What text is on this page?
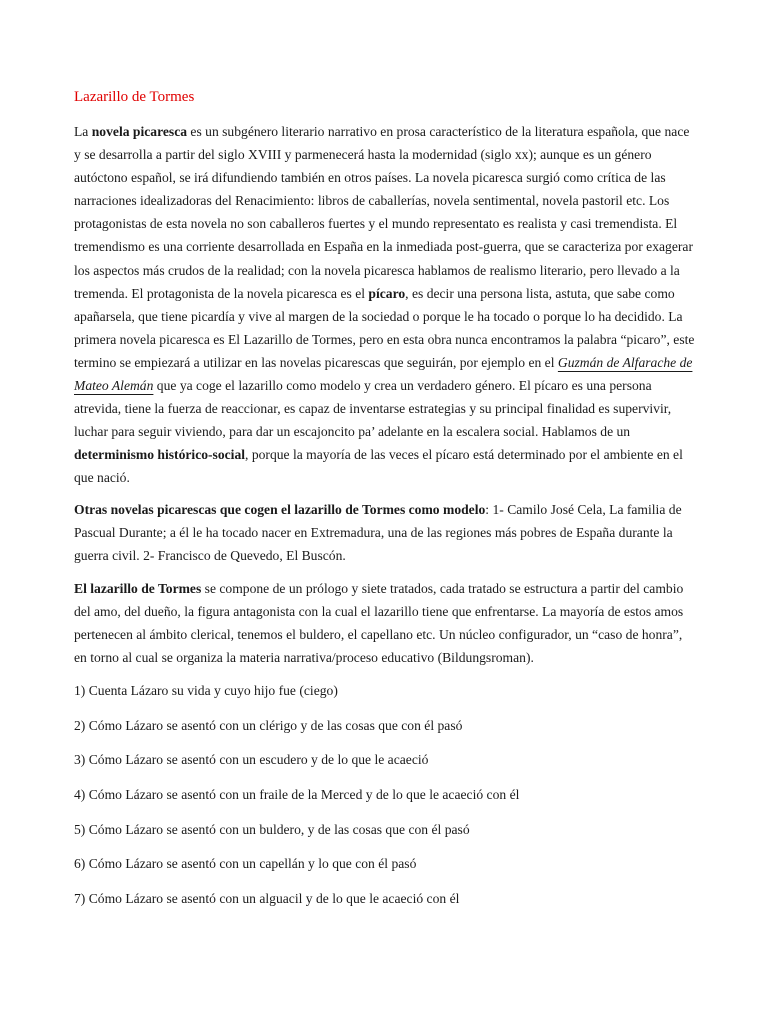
Lazarillo de Tormes

La novela picaresca es un subgénero literario narrativo en prosa característico de la literatura española, que nace y se desarrolla a partir del siglo XVIII y parmenecerá hasta la modernidad (siglo xx); aunque es un género autóctono español, se irá difundiendo también en otros países. La novela picaresca surgió como crítica de las narraciones idealizadoras del Renacimiento: libros de caballerías, novela sentimental, novela pastoril etc. Los protagonistas de esta novela no son caballeros fuertes y el mundo representato es realista y casi tremendista. El tremendismo es una corriente desarrollada en España en la inmediada post-guerra, que se caracteriza por exagerar los aspectos más crudos de la realidad; con la novela picaresca hablamos de realismo literario, pero llevado a la tremenda. El protagonista de la novela picaresca es el pícaro, es decir una persona lista, astuta, que sabe como apañarsela, que tiene picardía y vive al margen de la sociedad o porque le ha tocado o porque lo ha decidido. La primera novela picaresca es El Lazarillo de Tormes, pero en esta obra nunca encontramos la palabra “picaro”, este termino se empiezará a utilizar en las novelas picarescas que seguirán, por ejemplo en el Guzmán de Alfarache de Mateo Alemán que ya coge el lazarillo como modelo y crea un verdadero género. El pícaro es una persona atrevida, tiene la fuerza de reaccionar, es capaz de inventarse estrategias y su principal finalidad es supervivir, luchar para seguir viviendo, para dar un escajoncito pa’ adelante en la escalera social. Hablamos de un determinismo histórico-social, porque la mayoría de las veces el pícaro está determinado por el ambiente en el que nació.

Otras novelas picarescas que cogen el lazarillo de Tormes como modelo: 1- Camilo José Cela, La familia de Pascual Durante; a él le ha tocado nacer en Extremadura, una de las regiones más pobres de España durante la guerra civil. 2- Francisco de Quevedo, El Buscón.

El lazarillo de Tormes se compone de un prólogo y siete tratados, cada tratado se estructura a partir del cambio del amo, del dueño, la figura antagonista con la cual el lazarillo tiene que enfrentarse. La mayoría de estos amos pertenecen al ámbito clerical, tenemos el buldero, el capellano etc. Un núcleo configurador, un “caso de honra”, en torno al cual se organiza la materia narrativa/proceso educativo (Bildungsroman).

1) Cuenta Lázaro su vida y cuyo hijo fue (ciego)

2) Cómo Lázaro se asentó con un clérigo y de las cosas que con él pasó

3) Cómo Lázaro se asentó con un escudero y de lo que le acaeció

4) Cómo Lázaro se asentó con un fraile de la Merced y de lo que le acaeció con él

5) Cómo Lázaro se asentó con un buldero, y de las cosas que con él pasó

6) Cómo Lázaro se asentó con un capellán y lo que con él pasó

7) Cómo Lázaro se asentó con un alguacil y de lo que le acaeció con él
